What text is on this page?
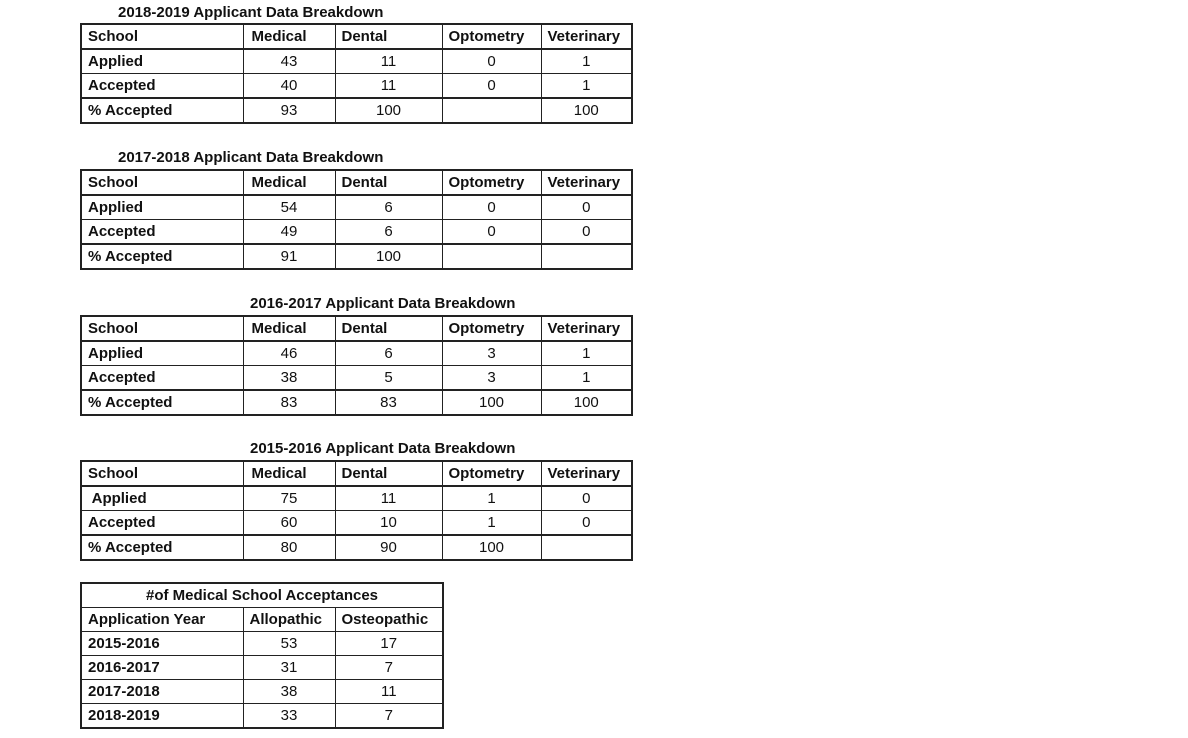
2018-2019 Applicant Data Breakdown
School	Medical	Dental	Optometry	Veterinary
Applied	43	11	0	1
Accepted	40	11	0	1
% Accepted	93	100		100
2017-2018 Applicant Data Breakdown
School	Medical	Dental	Optometry	Veterinary
Applied	54	6	0	0
Accepted	49	6	0	0
% Accepted	91	100		
2016-2017 Applicant Data Breakdown
School	Medical	Dental	Optometry	Veterinary
Applied	46	6	3	1
Accepted	38	5	3	1
% Accepted	83	83	100	100
2015-2016 Applicant Data Breakdown
School	Medical	Dental	Optometry	Veterinary
Applied	75	11	1	0
Accepted	60	10	1	0
% Accepted	80	90	100	
#of Medical School Acceptances		
Application Year	Allopathic	Osteopathic
2015-2016	53	17
2016-2017	31	7
2017-2018	38	11
2018-2019	33	7
